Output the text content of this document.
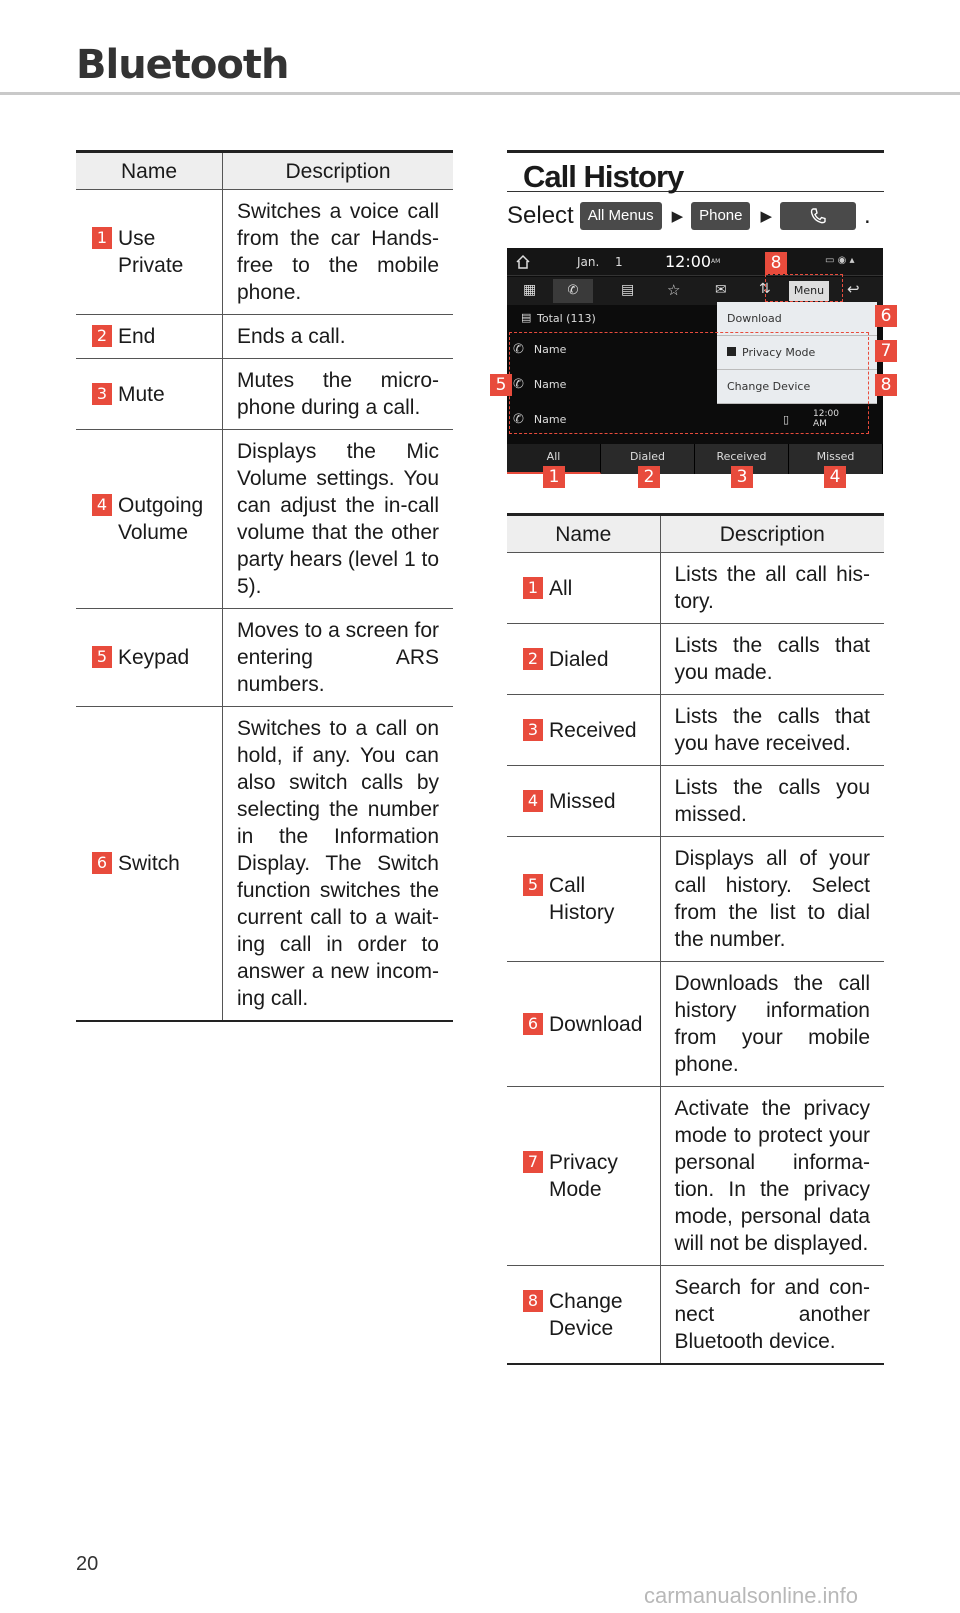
Bluetooth
Name	Description

1 Use Private	Switches a voice call from the car Hands-free to the mobile phone.

2 End	Ends a call.

3 Mute	Mutes the micro-phone during a call.

4 Outgoing Volume	Displays the Mic Volume settings. You can adjust the in-call volume that the other party hears (level 1 to 5).

5 Keypad	Moves to a screen for entering ARS numbers.

6 Switch	Switches to a call on hold, if any. You can also switch calls by selecting the number in the Information Display. The Switch function switches the current call to a wait-ing call in order to answer a new incom-ing call.
Call History
Select All Menus	▶	Phone	▶	.
Jan. 1	12:00 AM	▭ ◉ ▴
▦	✆	▤ ☆ ✉ ⇅	Menu	↩
▤ Total (113)
✆ Name
✆ Name
✆ Name	▯	12:00 AM
Download
Privacy Mode
Change Device
All	Dialed	Received	Missed
1	2	3	4
5
6
7
8
8
Name	Description

1 All	Lists the all call his-tory.

2 Dialed	Lists the calls that you made.

3 Received	Lists the calls that you have received.

4 Missed	Lists the calls you missed.

5 Call History	Displays all of your call history. Select from the list to dial the number.

6 Download	Downloads the call history information from your mobile phone.

7 Privacy Mode	Activate the privacy mode to protect your personal informa-tion. In the privacy mode, personal data will not be displayed.

8 Change Device	Search for and con-nect another Bluetooth device.
20
carmanualsonline.info
